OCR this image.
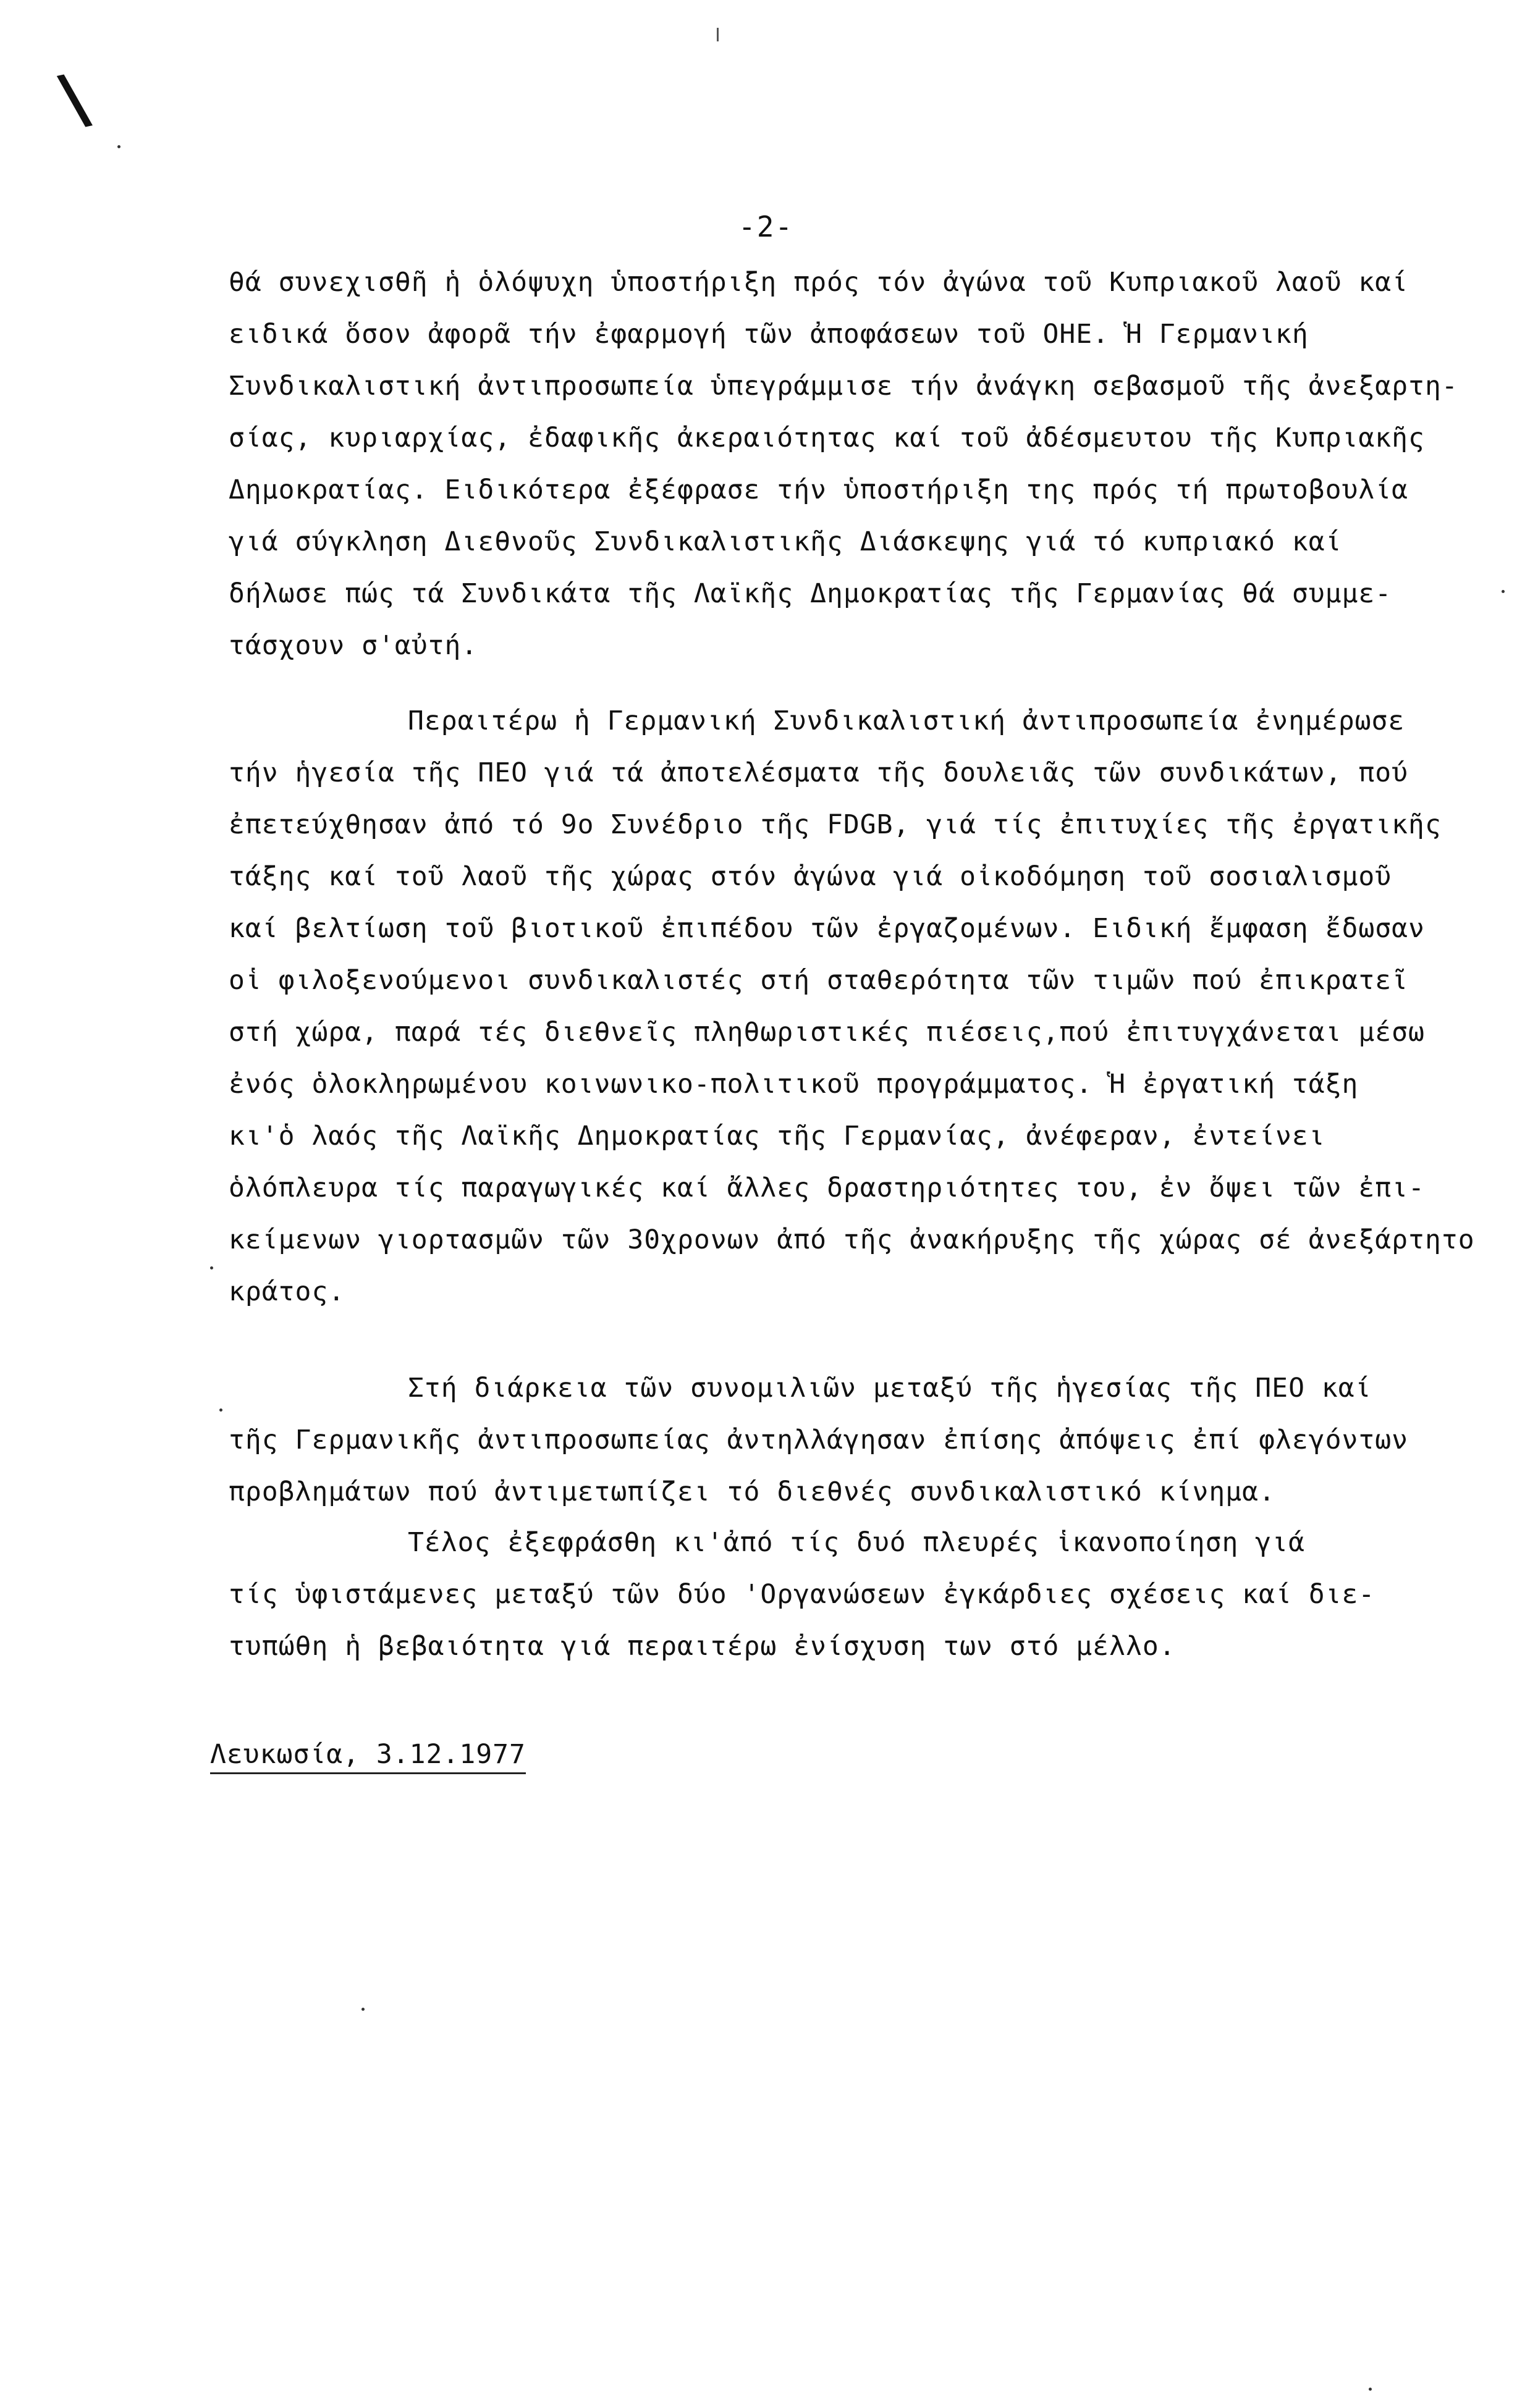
\
-2-
θά συνεχισθῆ ἡ ὁλόψυχη ὑποστήριξη πρός τόν ἀγώνα τοῦ Κυπριακοῦ λαοῦ καί
ειδικά ὅσον ἀφορᾶ τήν ἐφαρμογή τῶν ἀποφάσεων τοῦ ΟΗΕ. Ἡ Γερμανική
Συνδικαλιστική ἀντιπροσωπεία ὑπεγράμμισε τήν ἀνάγκη σεβασμοῦ τῆς ἀνεξαρτη-
σίας, κυριαρχίας, ἐδαφικῆς ἀκεραιότητας καί τοῦ ἀδέσμευτου τῆς Κυπριακῆς
Δημοκρατίας. Ειδικότερα ἐξέφρασε τήν ὑποστήριξη της πρός τή πρωτοβουλία
γιά σύγκληση Διεθνοῦς Συνδικαλιστικῆς Διάσκεψης γιά τό κυπριακό καί
δήλωσε πώς τά Συνδικάτα τῆς Λαϊκῆς Δημοκρατίας τῆς Γερμανίας θά συμμε-
τάσχουν σ'αὐτή.
Περαιτέρω ἡ Γερμανική Συνδικαλιστική ἀντιπροσωπεία ἐνημέρωσε
τήν ἡγεσία τῆς ΠΕΟ γιά τά ἀποτελέσματα τῆς δουλειᾶς τῶν συνδικάτων, πού
ἐπετεύχθησαν ἀπό τό 9ο Συνέδριο τῆς FDGB, γιά τίς ἐπιτυχίες τῆς ἐργατικῆς
τάξης καί τοῦ λαοῦ τῆς χώρας στόν ἀγώνα γιά οἰκοδόμηση τοῦ σοσιαλισμοῦ
καί βελτίωση τοῦ βιοτικοῦ ἐπιπέδου τῶν ἐργαζομένων. Ειδική ἔμφαση ἔδωσαν
οἱ φιλοξενούμενοι συνδικαλιστές στή σταθερότητα τῶν τιμῶν πού ἐπικρατεῖ
στή χώρα, παρά τές διεθνεῖς πληθωριστικές πιέσεις,πού ἐπιτυγχάνεται μέσω
ἐνός ὁλοκληρωμένου κοινωνικο-πολιτικοῦ προγράμματος. Ἡ ἐργατική τάξη
κι'ὁ λαός τῆς Λαϊκῆς Δημοκρατίας τῆς Γερμανίας, ἀνέφεραν, ἐντείνει
ὁλόπλευρα τίς παραγωγικές καί ἄλλες δραστηριότητες του, ἐν ὄψει τῶν ἐπι-
κείμενων γιορτασμῶν τῶν 30χρονων ἀπό τῆς ἀνακήρυξης τῆς χώρας σέ ἀνεξάρτητο
κράτος.
Στή διάρκεια τῶν συνομιλιῶν μεταξύ τῆς ἡγεσίας τῆς ΠΕΟ καί
τῆς Γερμανικῆς ἀντιπροσωπείας ἀντηλλάγησαν ἐπίσης ἀπόψεις ἐπί φλεγόντων
προβλημάτων πού ἀντιμετωπίζει τό διεθνές συνδικαλιστικό κίνημα.
Τέλος ἐξεφράσθη κι'ἀπό τίς δυό πλευρές ἱκανοποίηση γιά
τίς ὑφιστάμενες μεταξύ τῶν δύο 'Οργανώσεων ἐγκάρδιες σχέσεις καί διε-
τυπώθη ἡ βεβαιότητα γιά περαιτέρω ἐνίσχυση των στό μέλλο.
Λευκωσία, 3.12.1977
